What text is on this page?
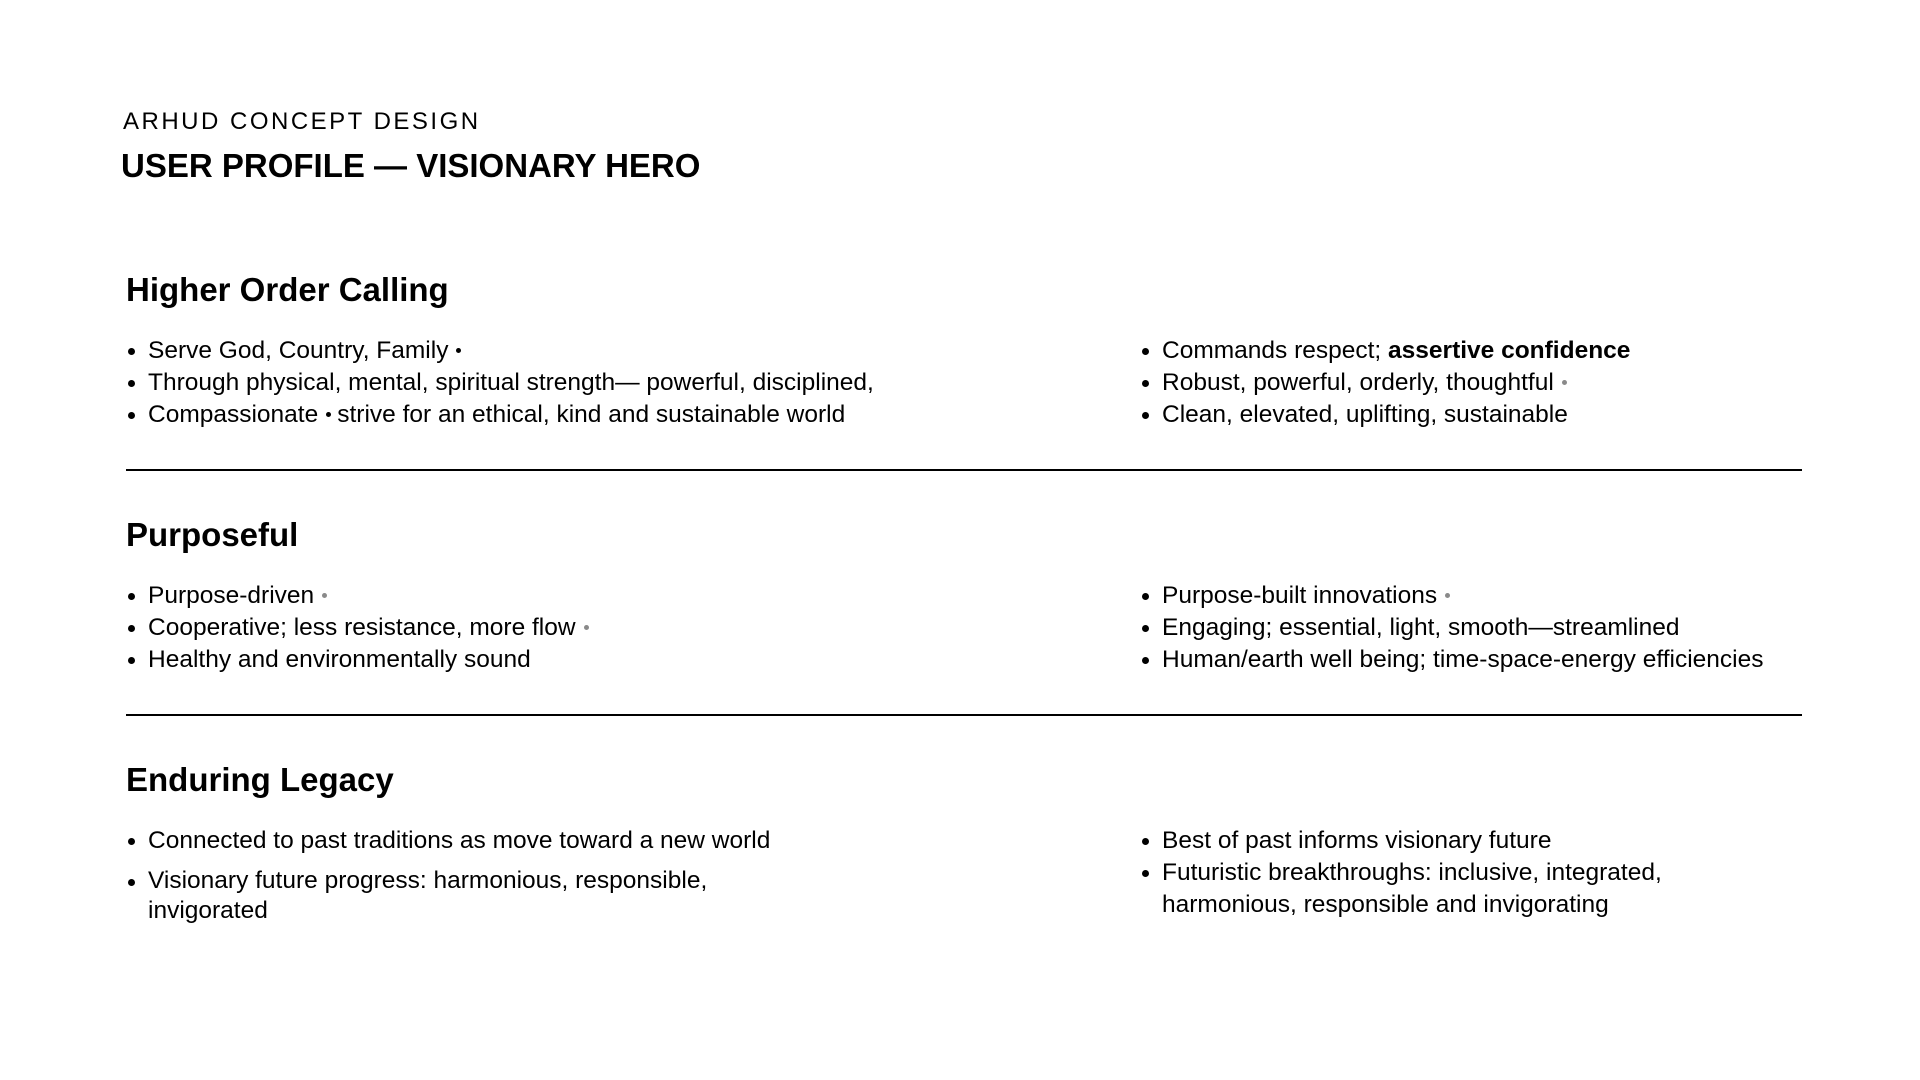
ARHUD CONCEPT DESIGN
USER PROFILE — VISIONARY HERO
Higher Order Calling
Serve God, Country, Family
Through physical, mental, spiritual strength— powerful, disciplined,
Compassionate strive for an ethical, kind and sustainable world
Commands respect; assertive confidence
Robust, powerful, orderly, thoughtful
Clean, elevated, uplifting, sustainable
Purposeful
Purpose-driven
Cooperative; less resistance, more flow
Healthy and environmentally sound
Purpose-built innovations
Engaging; essential, light, smooth—streamlined
Human/earth well being; time-space-energy efficiencies
Enduring Legacy
Connected to past traditions as move toward a new world
Visionary future progress: harmonious, responsible, invigorated
Best of past informs visionary future
Futuristic breakthroughs: inclusive, integrated, harmonious, responsible and invigorating
